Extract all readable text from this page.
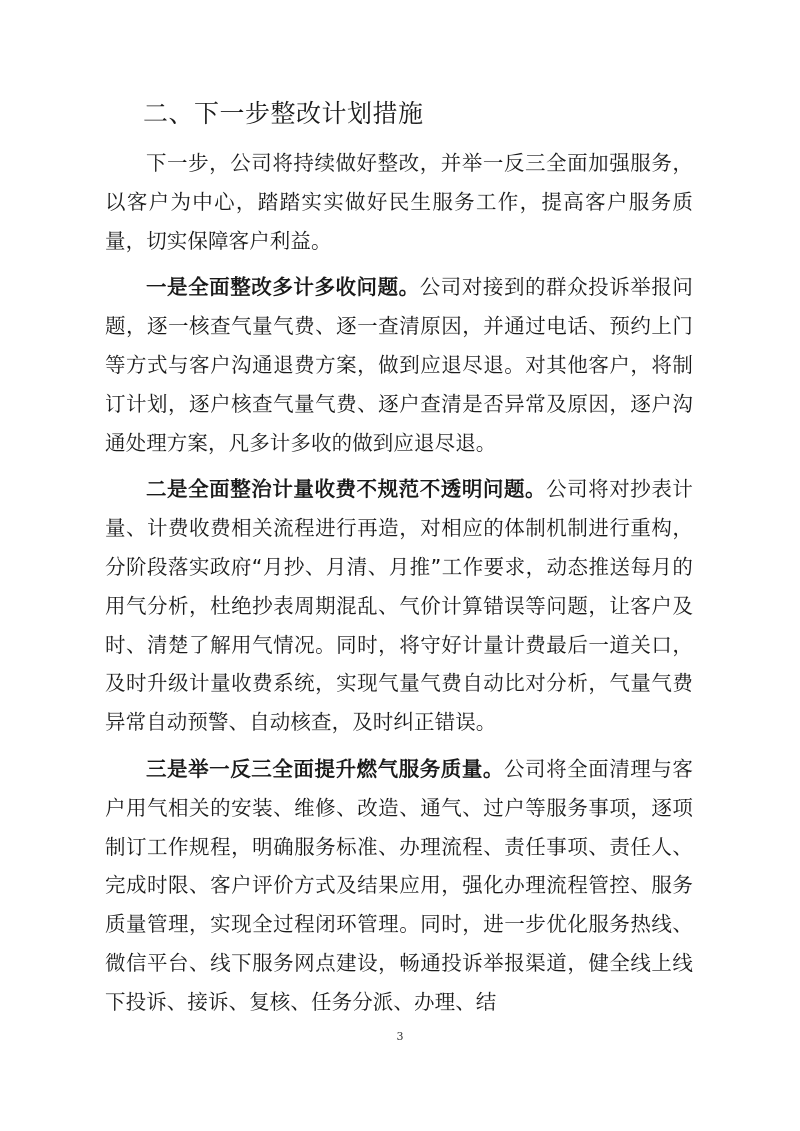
二、下一步整改计划措施

下一步，公司将持续做好整改，并举一反三全面加强服务，以客户为中心，踏踏实实做好民生服务工作，提高客户服务质量，切实保障客户利益。

一是全面整改多计多收问题。公司对接到的群众投诉举报问题，逐一核查气量气费、逐一查清原因，并通过电话、预约上门等方式与客户沟通退费方案，做到应退尽退。对其他客户，将制订计划，逐户核查气量气费、逐户查清是否异常及原因，逐户沟通处理方案，凡多计多收的做到应退尽退。

二是全面整治计量收费不规范不透明问题。公司将对抄表计量、计费收费相关流程进行再造，对相应的体制机制进行重构，分阶段落实政府“月抄、月清、月推”工作要求，动态推送每月的用气分析，杜绝抄表周期混乱、气价计算错误等问题，让客户及时、清楚了解用气情况。同时，将守好计量计费最后一道关口，及时升级计量收费系统，实现气量气费自动比对分析，气量气费异常自动预警、自动核查，及时纠正错误。

三是举一反三全面提升燃气服务质量。公司将全面清理与客户用气相关的安装、维修、改造、通气、过户等服务事项，逐项制订工作规程，明确服务标准、办理流程、责任事项、责任人、完成时限、客户评价方式及结果应用，强化办理流程管控、服务质量管理，实现全过程闭环管理。同时，进一步优化服务热线、微信平台、线下服务网点建设，畅通投诉举报渠道，健全线上线下投诉、接诉、复核、任务分派、办理、结

3
